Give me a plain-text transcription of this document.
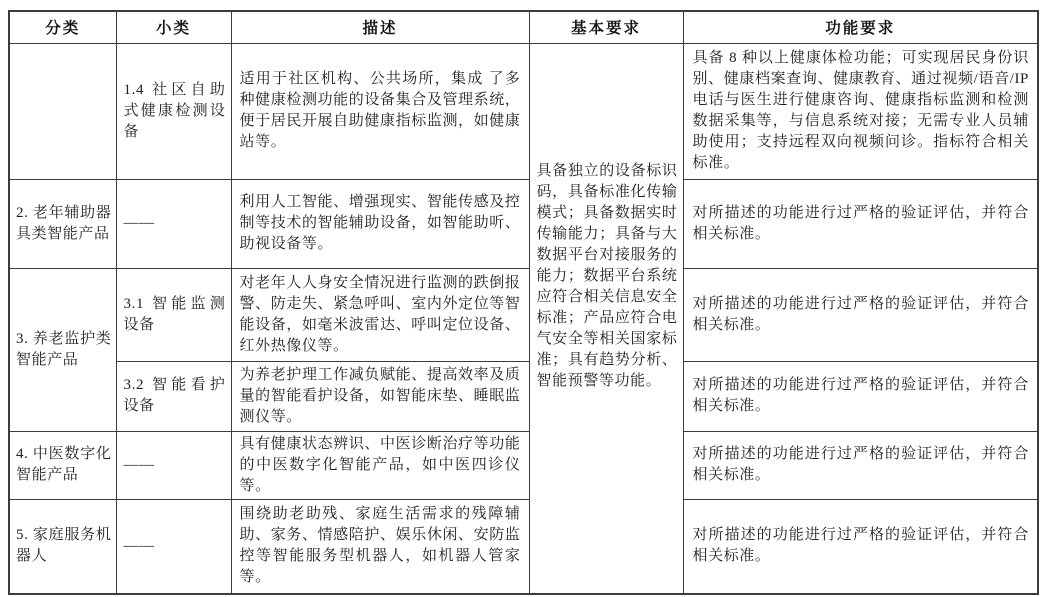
分类	小类	描述	基本要求	功能要求
	1.4 社区自助式健康检测设备	适用于社区机构、公共场所，集成 了多种健康检测功能的设备集合及管理系统，便于居民开展自助健康指标监测，如健康站等。	具备独立的设备标识码，具备标准化传输模式；具备数据实时传输能力；具备与大数据平台对接服务的能力；数据平台系统应符合相关信息安全标准；产品应符合电气安全等相关国家标准；具有趋势分析、智能预警等功能。	具备 8 种以上健康体检功能；可实现居民身份识别、健康档案查询、健康教育、通过视频/语音/IP 电话与医生进行健康咨询、健康指标监测和检测数据采集等，与信息系统对接；无需专业人员辅助使用；支持远程双向视频问诊。指标符合相关标准。
2. 老年辅助器具类智能产品	——	利用人工智能、增强现实、智能传感及控制等技术的智能辅助设备，如智能助听、助视设备等。		对所描述的功能进行过严格的验证评估，并符合相关标准。
3. 养老监护类智能产品	3.1 智能监测设备	对老年人人身安全情况进行监测的跌倒报警、防走失、紧急呼叫、室内外定位等智能设备，如毫米波雷达、呼叫定位设备、红外热像仪等。		对所描述的功能进行过严格的验证评估，并符合相关标准。
	3.2 智能看护设备	为养老护理工作减负赋能、提高效率及质量的智能看护设备，如智能床垫、睡眠监测仪等。		对所描述的功能进行过严格的验证评估，并符合相关标准。
4. 中医数字化智能产品	——	具有健康状态辨识、中医诊断治疗等功能的中医数字化智能产品，如中医四诊仪等。		对所描述的功能进行过严格的验证评估，并符合相关标准。
5. 家庭服务机器人	——	围绕助老助残、家庭生活需求的残障辅助、家务、情感陪护、娱乐休闲、安防监控等智能服务型机器人，如机器人管家等。		对所描述的功能进行过严格的验证评估，并符合相关标准。
